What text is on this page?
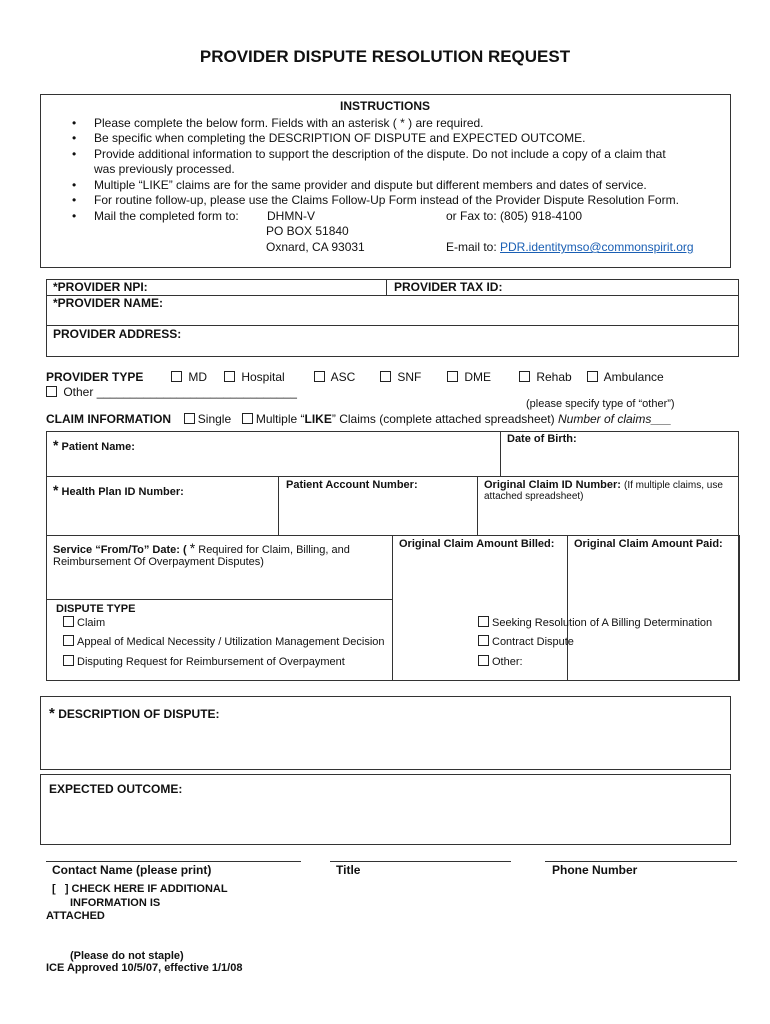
PROVIDER DISPUTE RESOLUTION REQUEST
INSTRUCTIONS
• Please complete the below form. Fields with an asterisk ( * ) are required.
• Be specific when completing the DESCRIPTION OF DISPUTE and EXPECTED OUTCOME.
• Provide additional information to support the description of the dispute. Do not include a copy of a claim that
was previously processed.
• Multiple “LIKE” claims are for the same provider and dispute but different members and dates of service.
• For routine follow-up, please use the Claims Follow-Up Form instead of the Provider Dispute Resolution Form.
• Mail the completed form to: DHMN-V	or Fax to: (805) 918-4100
PO BOX 51840
Oxnard, CA 93031	E-mail to: PDR.identitymso@commonspirit.org
*PROVIDER NPI:	PROVIDER TAX ID:
*PROVIDER NAME:
PROVIDER ADDRESS:
PROVIDER TYPE	MD	Hospital	ASC	SNF	DME	Rehab	Ambulance
Other ______________________________
(please specify type of “other”)
CLAIM INFORMATION Single Multiple “LIKE” Claims (complete attached spreadsheet) Number of claims___
* Patient Name:
Date of Birth:
* Health Plan ID Number:
Patient Account Number:	Original Claim ID Number: (If multiple claims, use
attached spreadsheet)
Service “From/To” Date: ( * Required for Claim, Billing, and
Reimbursement Of Overpayment Disputes)
Original Claim Amount Billed: Original Claim Amount Paid:
DISPUTE TYPE
Claim
Appeal of Medical Necessity / Utilization Management Decision
Disputing Request for Reimbursement of Overpayment
Seeking Resolution of A Billing Determination
Contract Dispute
Other:
* DESCRIPTION OF DISPUTE:
EXPECTED OUTCOME:
Contact Name (please print)	Title	Phone Number
[   ] CHECK HERE IF ADDITIONAL
INFORMATION IS
ATTACHED
(Please do not staple)
ICE Approved 10/5/07, effective 1/1/08
